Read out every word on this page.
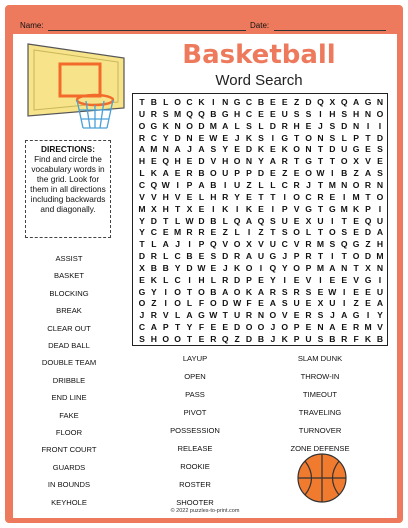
Name:	Date:
Basketball
Word Search
DIRECTIONS:
Find and circle the vocabulary words in the grid. Look for them in all directions including backwards and diagonally.
T B L O C K I N G C B E E Z D Q X Q A G N
U R S M Q Q B G H C E E U S S I H S H N O
O G K N O D M A L S L D R H E J S D N I	I
R C Y D N E W E J K S I G T O N S L P T D
A M N A J A S Y E D K E K O N T D U G E S
H E Q H E D V H O N Y A R T G T T O X V E
L K A E R B O U P P D E Z E O W I B Z A S
C Q W I P A B I U Z L L C R J T M N O R N
V V H V E L H R Y E T T I O C R E I M T O
M X H T X E I K I K E I P V G T G M K P I
Y D T L W D B L Q A Q S U E X U I T E Q U
Y C E M R R E Z L I Z T S O L T O S E D A
T L A J I P Q V O X V U C V R M S Q G Z H
D R L C B E S D R A U G J P R T I T O D M
X B B Y D W E J K O I Q Y O P M A N T X N
E K L C I H L R D P E Y I E V I E E V G I
G Y I O T O B A O K A R S R S E W I E E U
O Z I O L F O D W F E A S U E X U I Z E A
J R V L A G W T U R N O V E R S J A G I Y
C A P T Y F E E D O O J O P E N A E R M V
S H O O T E R Q Z D B J K P U S B R F K B
ASSIST
BASKET
BLOCKING
BREAK
CLEAR OUT
DEAD BALL
DOUBLE TEAM
DRIBBLE
END LINE
FAKE
FLOOR
FRONT COURT
GUARDS
IN BOUNDS
KEYHOLE
LAYUP
OPEN
PASS
PIVOT
POSSESSION
RELEASE
ROOKIE
ROSTER
SHOOTER
SLAM DUNK
THROW-IN
TIMEOUT
TRAVELING
TURNOVER
ZONE DEFENSE
© 2022 puzzles-to-print.com
